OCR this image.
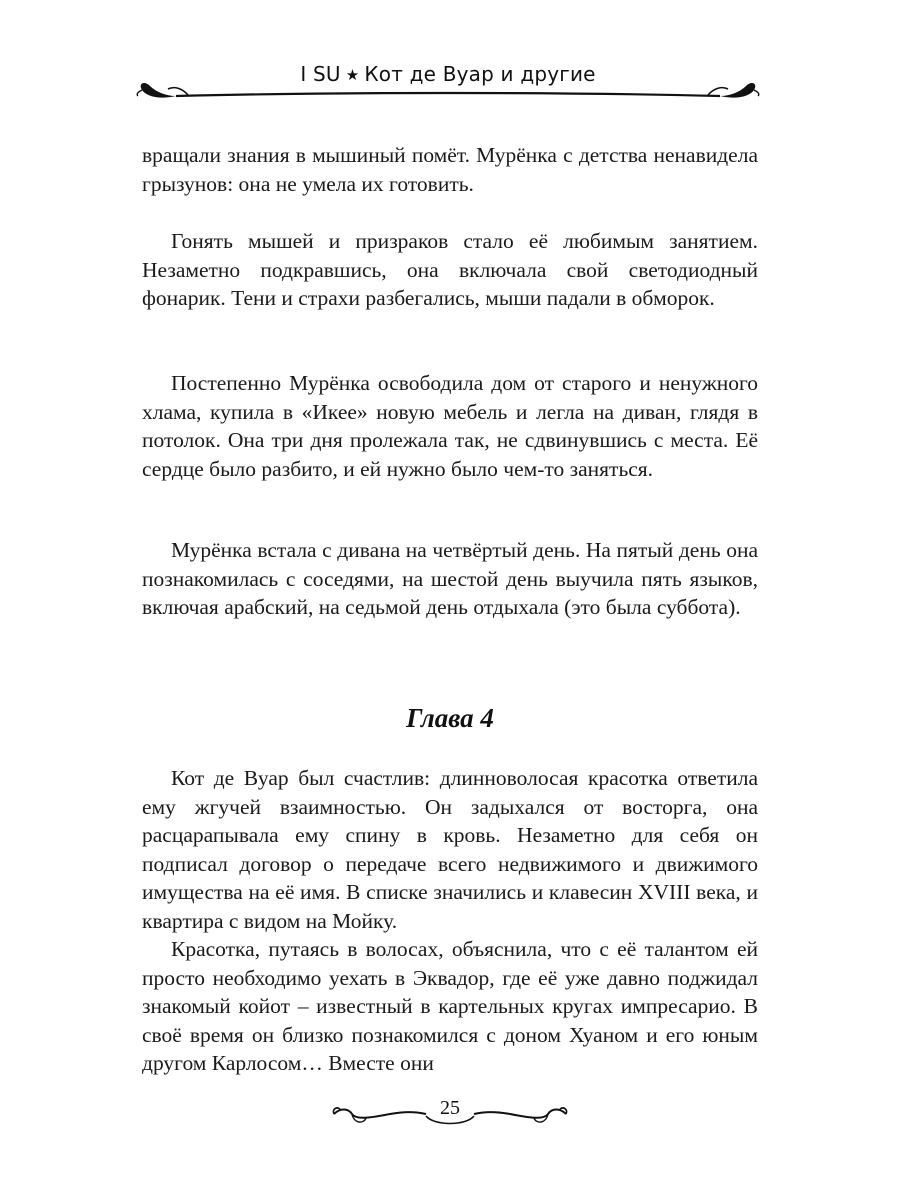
I SU ★ Кот де Вуар и другие

вращали знания в мышиный помёт. Мурёнка с детства ненавидела грызунов: она не умела их готовить.

Гонять мышей и призраков стало её любимым занятием. Незаметно подкравшись, она включала свой светодиодный фонарик. Тени и страхи разбегались, мыши падали в обморок.

Постепенно Мурёнка освободила дом от старого и ненужного хлама, купила в «Икее» новую мебель и легла на диван, глядя в потолок. Она три дня пролежала так, не сдвинувшись с места. Её сердце было разбито, и ей нужно было чем-то заняться.

Мурёнка встала с дивана на четвёртый день. На пятый день она познакомилась с соседями, на шестой день выучила пять языков, включая арабский, на седьмой день отдыхала (это была суббота).

Глава 4

Кот де Вуар был счастлив: длинноволосая красотка ответила ему жгучей взаимностью. Он задыхался от восторга, она расцарапывала ему спину в кровь. Незаметно для себя он подписал договор о передаче всего недвижимого и движимого имущества на её имя. В списке значились и клавесин XVIII века, и квартира с видом на Мойку.

Красотка, путаясь в волосах, объяснила, что с её талантом ей просто необходимо уехать в Эквадор, где её уже давно поджидал знакомый койот – известный в картельных кругах импресарио. В своё время он близко познакомился с доном Хуаном и его юным другом Карлосом… Вместе они

25
